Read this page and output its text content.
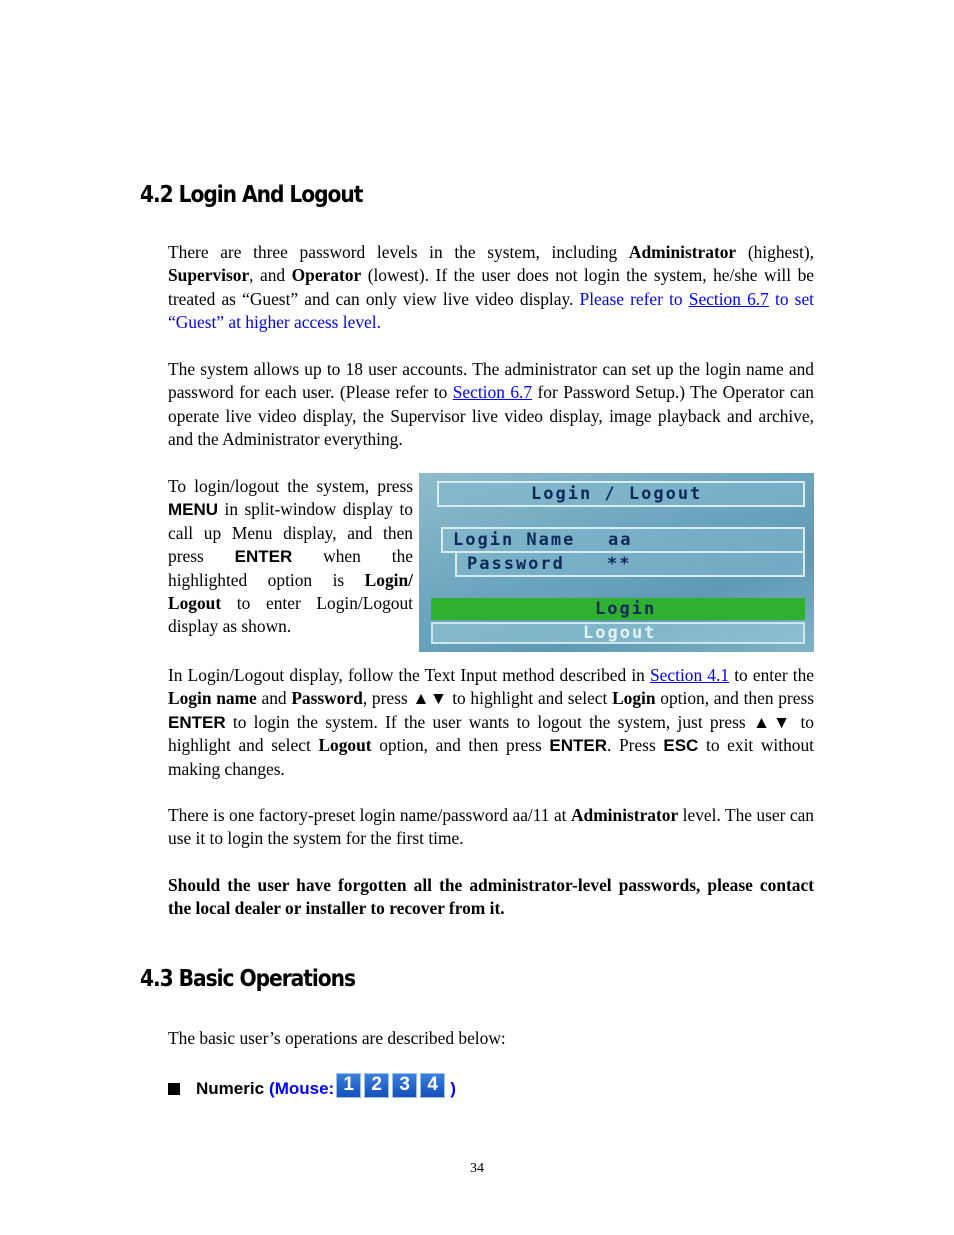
4.2 Login And Logout

There are three password levels in the system, including Administrator (highest), Supervisor, and Operator (lowest). If the user does not login the system, he/she will be treated as “Guest” and can only view live video display. Please refer to Section 6.7 to set “Guest” at higher access level.

The system allows up to 18 user accounts. The administrator can set up the login name and password for each user. (Please refer to Section 6.7 for Password Setup.) The Operator can operate live video display, the Supervisor live video display, image playback and archive, and the Administrator everything.

To login/logout the system, press MENU in split-window display to call up Menu display, and then press ENTER when the highlighted option is Login/ Logout to enter Login/Logout display as shown.

Login / Logout
Login Name aa
Password **
Login
Logout

In Login/Logout display, follow the Text Input method described in Section 4.1 to enter the Login name and Password, press ▲▼ to highlight and select Login option, and then press ENTER to login the system. If the user wants to logout the system, just press ▲▼ to highlight and select Logout option, and then press ENTER. Press ESC to exit without making changes.

There is one factory-preset login name/password aa/11 at Administrator level. The user can use it to login the system for the first time.

Should the user have forgotten all the administrator-level passwords, please contact the local dealer or installer to recover from it.

4.3 Basic Operations

The basic user’s operations are described below:

Numeric (Mouse: 1 2 3 4 )
34
